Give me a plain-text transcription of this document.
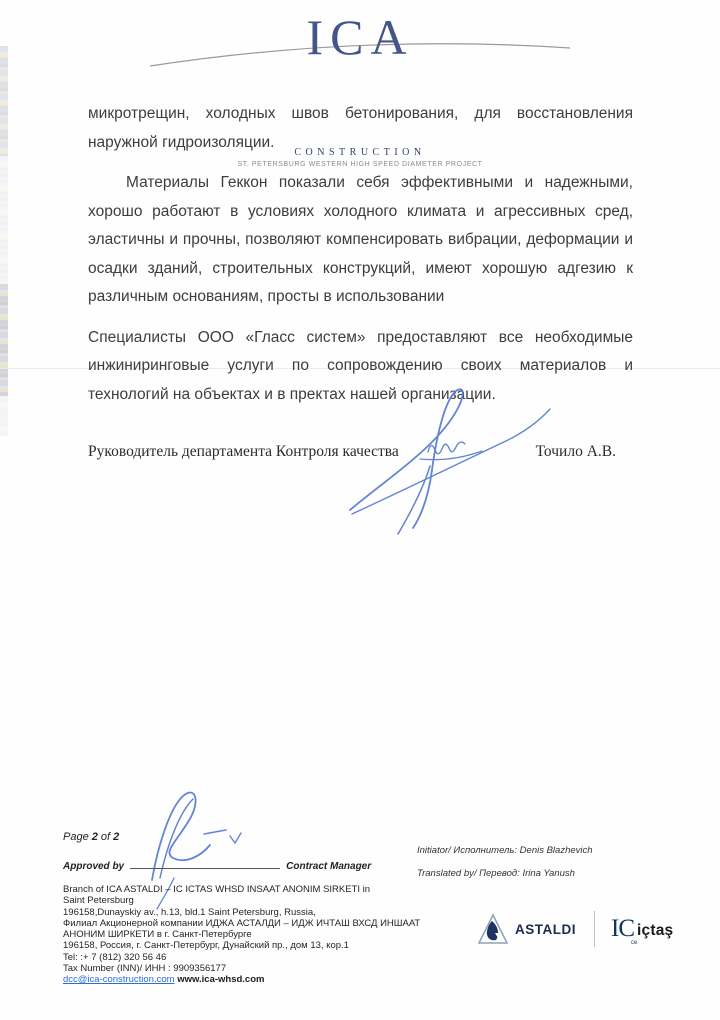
ICA
CONSTRUCTION
ST. PETERSBURG WESTERN HIGH SPEED DIAMETER PROJECT

микротрещин, холодных швов бетонирования, для восстановления наружной гидроизоляции.

Материалы Геккон показали себя эффективными и надежными, хорошо работают в условиях холодного климата и агрессивных сред, эластичны и прочны, позволяют компенсировать вибрации, деформации и осадки зданий, строительных конструкций, имеют хорошую адгезию к различным основаниям, просты в использовании

Специалисты ООО «Гласс систем» предоставляют все необходимые инжиниринговые услуги по сопровождению своих материалов и технологий на объектах и в пректах нашей организации.

Руководитель департамента Контроля качества	Точило А.В.
Page 2 of 2
Approved by	Contract Manager
Branch of ICA ASTALDI – IC ICTAS WHSD INSAAT ANONIM SIRKETI in
Saint Petersburg
196158,Dunayskiy av., h.13, bld.1 Saint Petersburg, Russia,
Филиал Акционерной компании ИДЖА АСТАЛДИ – ИДЖ ИЧТАШ ВХСД ИНШААТ
АНОНИМ ШИРКЕТИ в г. Санкт-Петербурге
196158, Россия, г. Санкт-Петербург, Дунайский пр., дом 13, кор.1
Tel: :+ 7 (812) 320 56 46
Tax Number (INN)/ ИНН : 9909356177
dcc@ica-construction.com www.ica-whsd.com
Initiator/ Исполнитель: Denis Blazhevich
Translated by/ Перевод: Irina Yanush
ASTALDI IC
ce
içtaş
